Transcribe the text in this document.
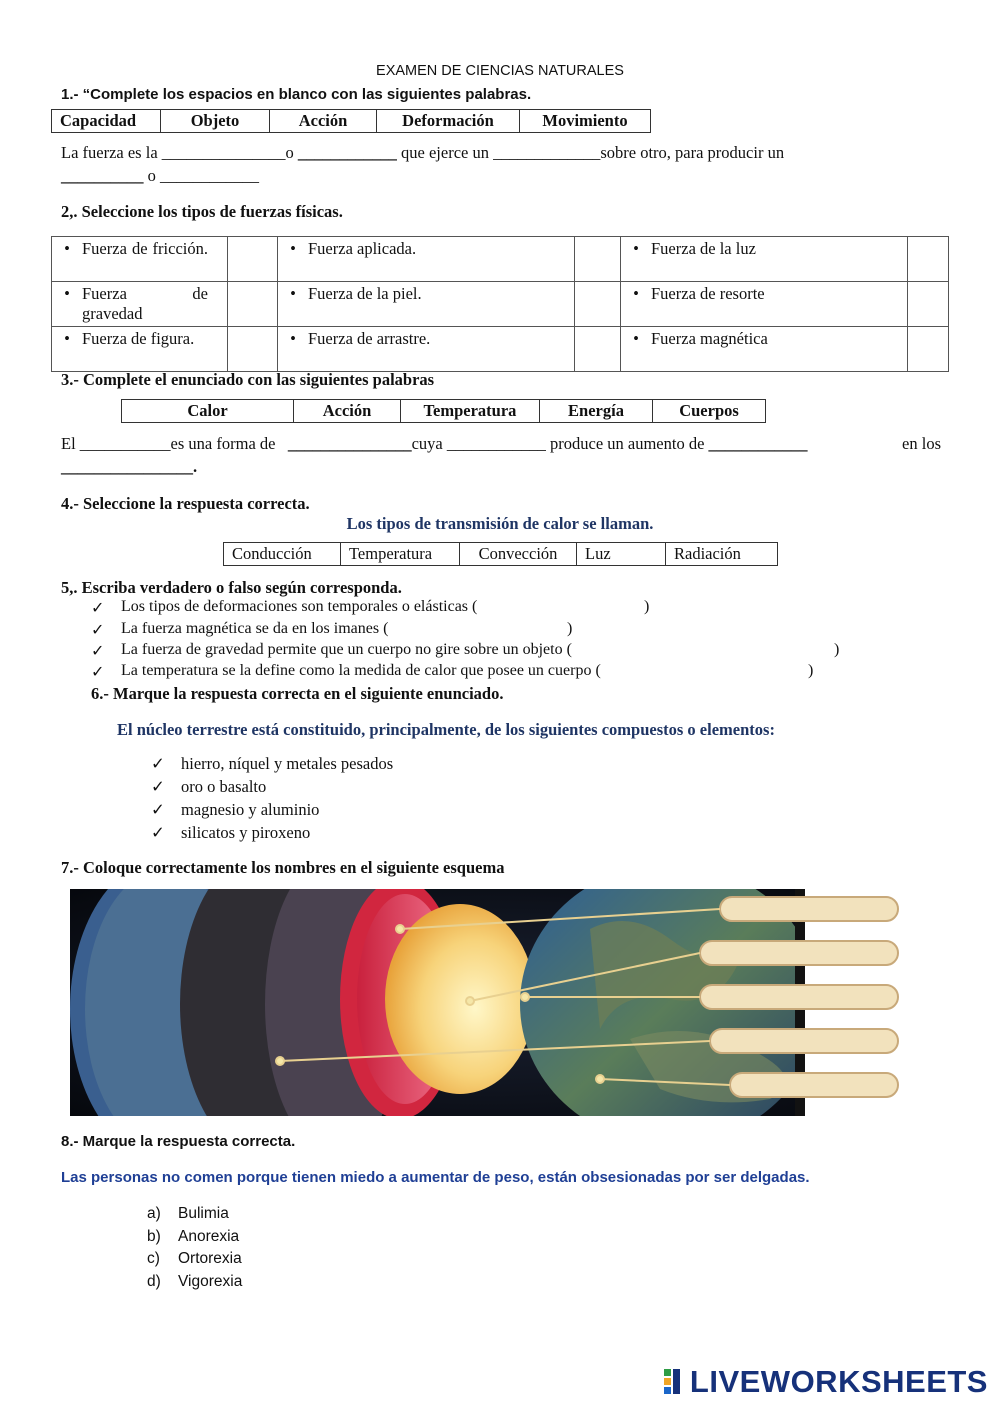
EXAMEN DE CIENCIAS NATURALES
1.- “Complete los espacios en blanco con las siguientes palabras.
Capacidad	Objeto	Acción	Deformación	Movimiento
La fuerza es la _______________o ____________ que ejerce un _____________sobre otro, para producir un
__________ o ____________
2,. Seleccione los tipos de fuerzas físicas.
• Fuerza de fricción.		• Fuerza aplicada.		• Fuerza de la luz	

• Fuerza de gravedad		• Fuerza de la piel.		• Fuerza de resorte	

• Fuerza de figura.		• Fuerza de arrastre.		• Fuerza magnética	

3.- Complete el enunciado con las siguientes palabras
Calor	Acción	Temperatura	Energía	Cuerpos
El ___________es una forma de   _______________cuya ____________ produce un aumento de ____________	en los
________________.
4.- Seleccione la respuesta correcta.
Los tipos de transmisión de calor se llaman.
Conducción	Temperatura	Convección	Luz	Radiación
5,. Escriba verdadero o falso según corresponda.
✓ Los tipos de deformaciones son temporales o elásticas (	)
✓ La fuerza magnética se da en los imanes (	)
✓ La fuerza de gravedad permite que un cuerpo no gire sobre un objeto (	)
✓ La temperatura se la define como la medida de calor que posee un cuerpo (	)
6.- Marque la respuesta correcta en el siguiente enunciado.
El núcleo terrestre está constituido, principalmente, de los siguientes compuestos o elementos:
✓ hierro, níquel y metales pesados
✓ oro o basalto
✓ magnesio y aluminio
✓ silicatos y piroxeno
7.- Coloque correctamente los nombres en el siguiente esquema
8.- Marque la respuesta correcta.
Las personas no comen porque tienen miedo a aumentar de peso, están obsesionadas por ser delgadas.
a) Bulimia
b) Anorexia
c) Ortorexia
d) Vigorexia
LIVEWORKSHEETS
